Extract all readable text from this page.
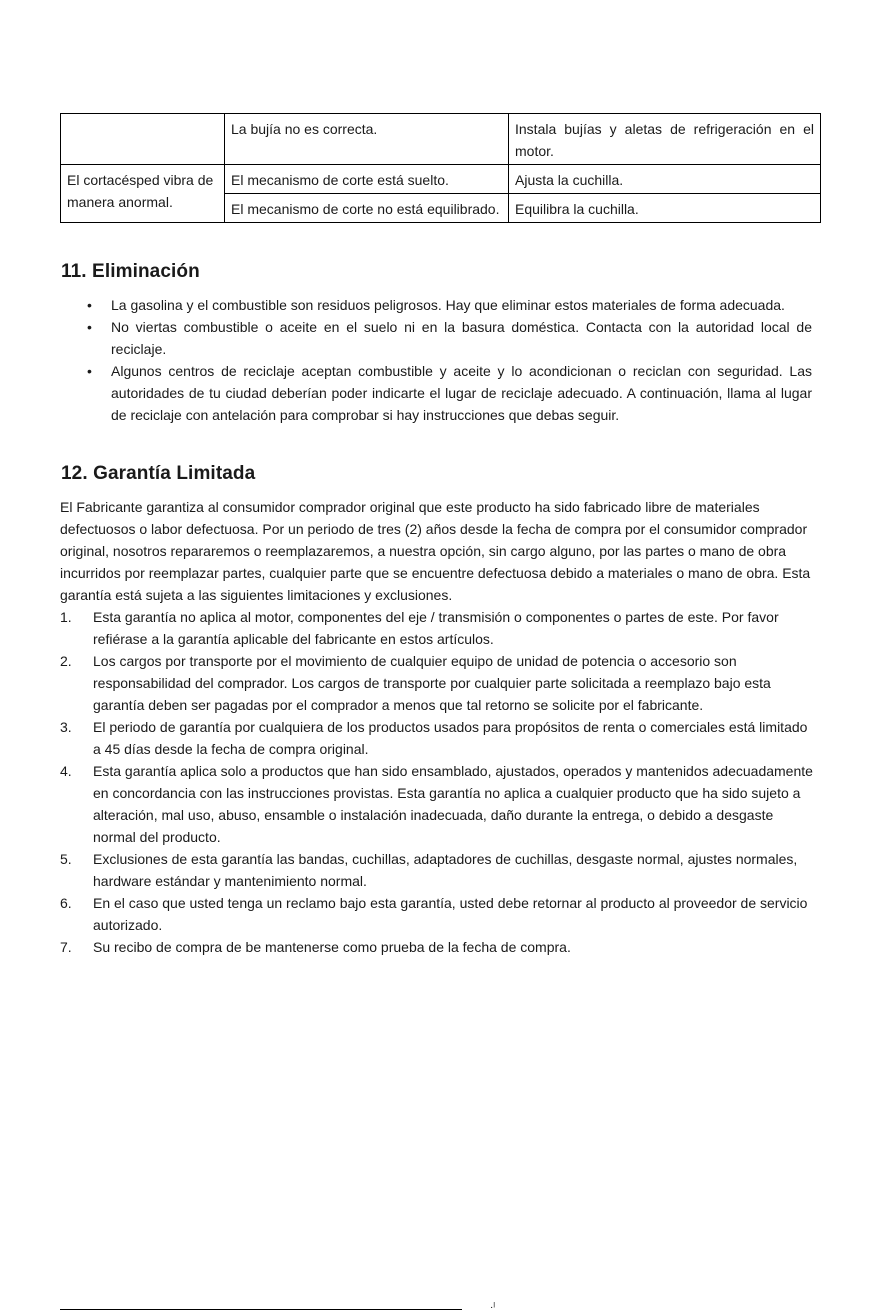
	La bujía no es correcta.	Instala bujías y aletas de refrigeración en el motor.
El cortacésped vibra de manera anormal.	El mecanismo de corte está suelto.	Ajusta la cuchilla.
	El mecanismo de corte no está equilibrado.	Equilibra la cuchilla.
11. Eliminación
• La gasolina y el combustible son residuos peligrosos. Hay que eliminar estos materiales de forma adecuada.
• No viertas combustible o aceite en el suelo ni en la basura doméstica. Contacta con la autoridad local de reciclaje.
• Algunos centros de reciclaje aceptan combustible y aceite y lo acondicionan o reciclan con seguridad. Las autoridades de tu ciudad deberían poder indicarte el lugar de reciclaje adecuado. A continuación, llama al lugar de reciclaje con antelación para comprobar si hay instrucciones que debas seguir.
12. Garantía Limitada

El Fabricante garantiza al consumidor comprador original que este producto ha sido fabricado libre de materiales defectuosos o labor defectuosa. Por un periodo de tres (2) años desde la fecha de compra por el consumidor comprador original, nosotros repararemos o reemplazaremos, a nuestra opción, sin cargo alguno, por las partes o mano de obra incurridos por reemplazar partes, cualquier parte que se encuentre defectuosa debido a materiales o mano de obra. Esta garantía está sujeta a las siguientes limitaciones y exclusiones.

1. Esta garantía no aplica al motor, componentes del eje / transmisión o componentes o partes de este. Por favor refiérase a la garantía aplicable del fabricante en estos artículos.
2. Los cargos por transporte por el movimiento de cualquier equipo de unidad de potencia o accesorio son responsabilidad del comprador. Los cargos de transporte por cualquier parte solicitada a reemplazo bajo esta garantía deben ser pagadas por el comprador a menos que tal retorno se solicite por el fabricante.
3. El periodo de garantía por cualquiera de los productos usados para propósitos de renta o comerciales está limitado a 45 días desde la fecha de compra original.
4. Esta garantía aplica solo a productos que han sido ensamblado, ajustados, operados y mantenidos adecuadamente en concordancia con las instrucciones provistas. Esta garantía no aplica a cualquier producto que ha sido sujeto a alteración, mal uso, abuso, ensamble o instalación inadecuada, daño durante la entrega, o debido a desgaste normal del producto.
5. Exclusiones de esta garantía las bandas, cuchillas, adaptadores de cuchillas, desgaste normal, ajustes normales, hardware estándar y mantenimiento normal.
6. En el caso que usted tenga un reclamo bajo esta garantía, usted debe retornar al producto al proveedor de servicio autorizado.
7. Su recibo de compra de be mantenerse como prueba de la fecha de compra.
·ˡ
